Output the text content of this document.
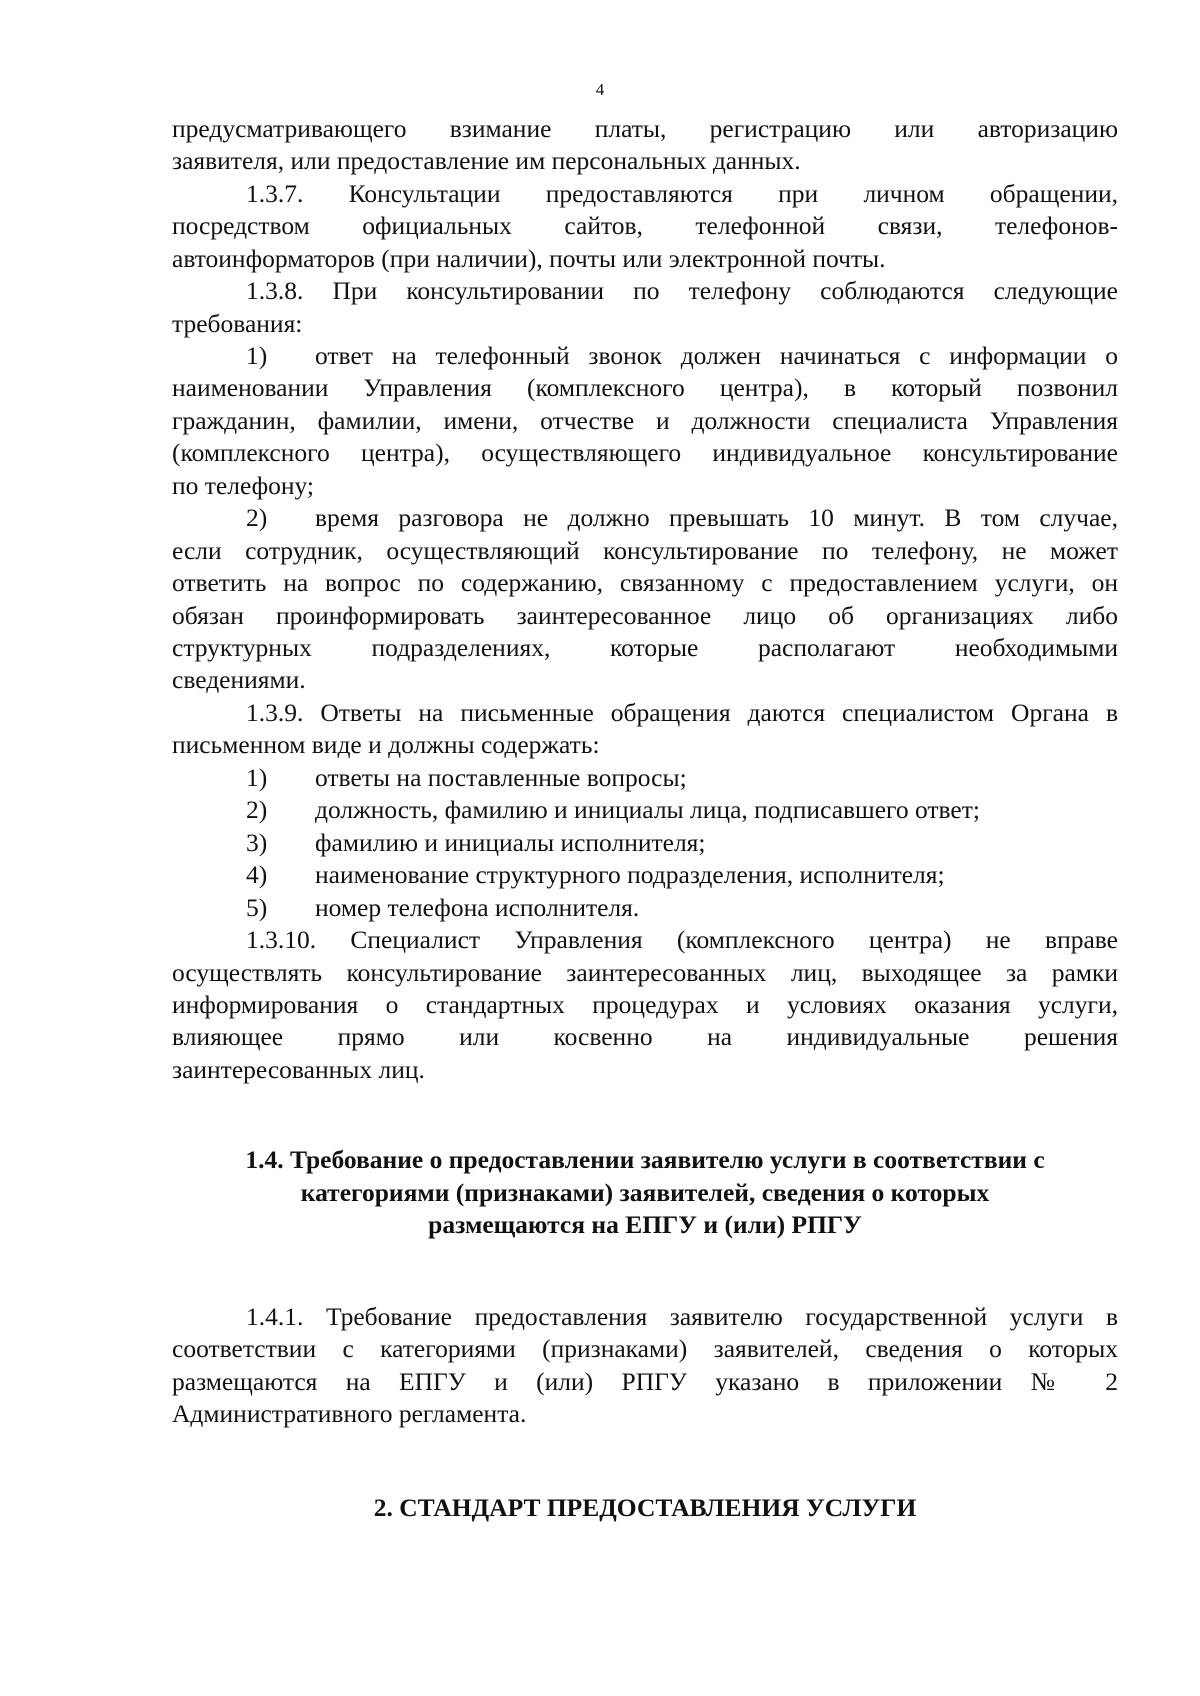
4
предусматривающего взимание платы, регистрацию или авторизацию
заявителя, или предоставление им персональных данных.
1.3.7. Консультации предоставляются при личном обращении,
посредством официальных сайтов, телефонной связи, телефонов-
автоинформаторов (при наличии), почты или электронной почты.
1.3.8. При консультировании по телефону соблюдаются следующие
требования:
1) ответ на телефонный звонок должен начинаться с информации о
наименовании Управления (комплексного центра), в который позвонил
гражданин, фамилии, имени, отчестве и должности специалиста Управления
(комплексного центра), осуществляющего индивидуальное консультирование
по телефону;
2) время разговора не должно превышать 10 минут. В том случае,
если сотрудник, осуществляющий консультирование по телефону, не может
ответить на вопрос по содержанию, связанному с предоставлением услуги, он
обязан проинформировать заинтересованное лицо об организациях либо
структурных подразделениях, которые располагают необходимыми
сведениями.
1.3.9. Ответы на письменные обращения даются специалистом Органа в
письменном виде и должны содержать:
1) ответы на поставленные вопросы;
2) должность, фамилию и инициалы лица, подписавшего ответ;
3) фамилию и инициалы исполнителя;
4) наименование структурного подразделения, исполнителя;
5) номер телефона исполнителя.
1.3.10. Специалист Управления (комплексного центра) не вправе
осуществлять консультирование заинтересованных лиц, выходящее за рамки
информирования о стандартных процедурах и условиях оказания услуги,
влияющее прямо или косвенно на индивидуальные решения
заинтересованных лиц.
1.4. Требование о предоставлении заявителю услуги в соответствии с
категориями (признаками) заявителей, сведения о которых
размещаются на ЕПГУ и (или) РПГУ
1.4.1. Требование предоставления заявителю государственной услуги в
соответствии с категориями (признаками) заявителей, сведения о которых
размещаются на ЕПГУ и (или) РПГУ указано в приложении № 2
Административного регламента.
2. СТАНДАРТ ПРЕДОСТАВЛЕНИЯ УСЛУГИ
